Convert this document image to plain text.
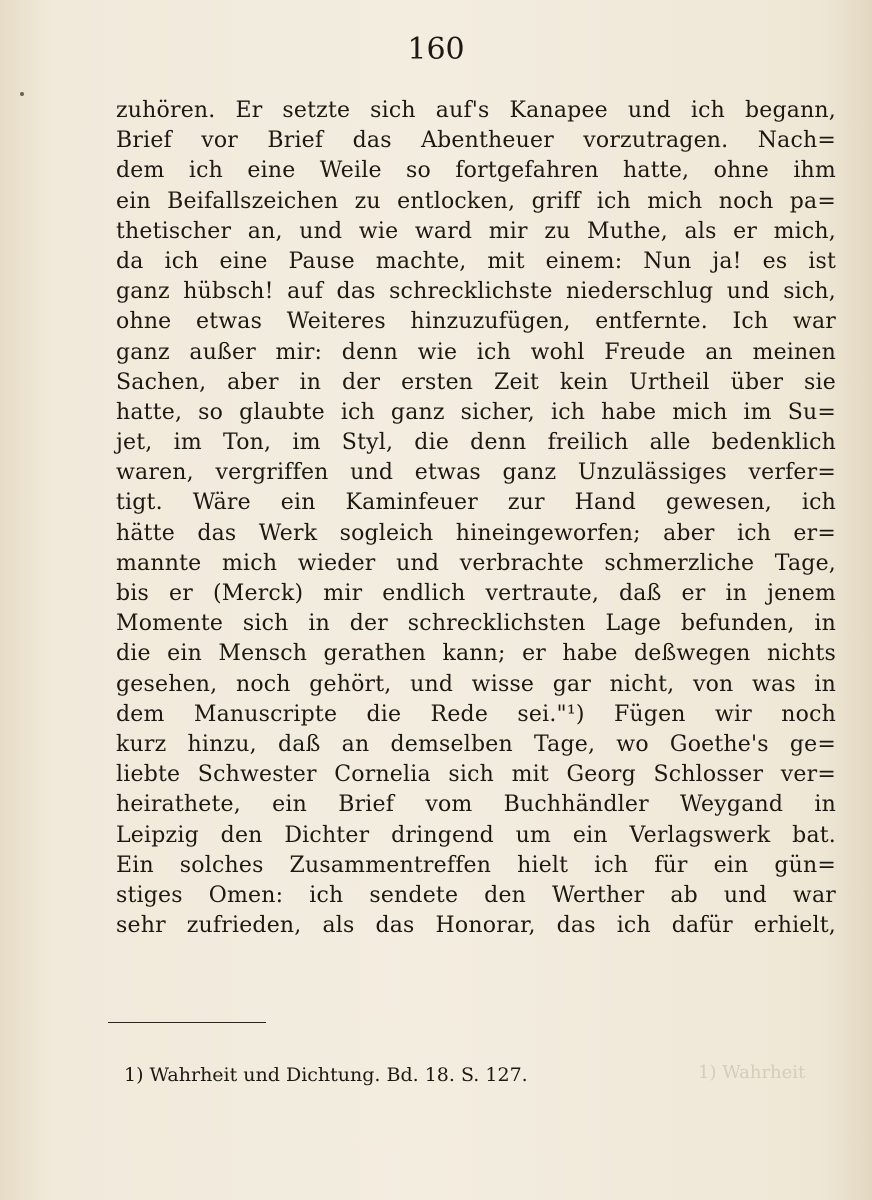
160
zuhören. Er setzte sich auf's Kanapee und ich begann,
Brief vor Brief das Abentheuer vorzutragen. Nach=
dem ich eine Weile so fortgefahren hatte, ohne ihm
ein Beifallszeichen zu entlocken, griff ich mich noch pa=
thetischer an, und wie ward mir zu Muthe, als er mich,
da ich eine Pause machte, mit einem: Nun ja! es ist
ganz hübsch! auf das schrecklichste niederschlug und sich,
ohne etwas Weiteres hinzuzufügen, entfernte. Ich war
ganz außer mir: denn wie ich wohl Freude an meinen
Sachen, aber in der ersten Zeit kein Urtheil über sie
hatte, so glaubte ich ganz sicher, ich habe mich im Su=
jet, im Ton, im Styl, die denn freilich alle bedenklich
waren, vergriffen und etwas ganz Unzulässiges verfer=
tigt. Wäre ein Kaminfeuer zur Hand gewesen, ich
hätte das Werk sogleich hineingeworfen; aber ich er=
mannte mich wieder und verbrachte schmerzliche Tage,
bis er (Merck) mir endlich vertraute, daß er in jenem
Momente sich in der schrecklichsten Lage befunden, in
die ein Mensch gerathen kann; er habe deßwegen nichts
gesehen, noch gehört, und wisse gar nicht, von was in
dem Manuscripte die Rede sei."¹) Fügen wir noch
kurz hinzu, daß an demselben Tage, wo Goethe's ge=
liebte Schwester Cornelia sich mit Georg Schlosser ver=
heirathete, ein Brief vom Buchhändler Weygand in
Leipzig den Dichter dringend um ein Verlagswerk bat.
Ein solches Zusammentreffen hielt ich für ein gün=
stiges Omen: ich sendete den Werther ab und war
sehr zufrieden, als das Honorar, das ich dafür erhielt,
1) Wahrheit und Dichtung. Bd. 18. S. 127.	1) Wahrheit
